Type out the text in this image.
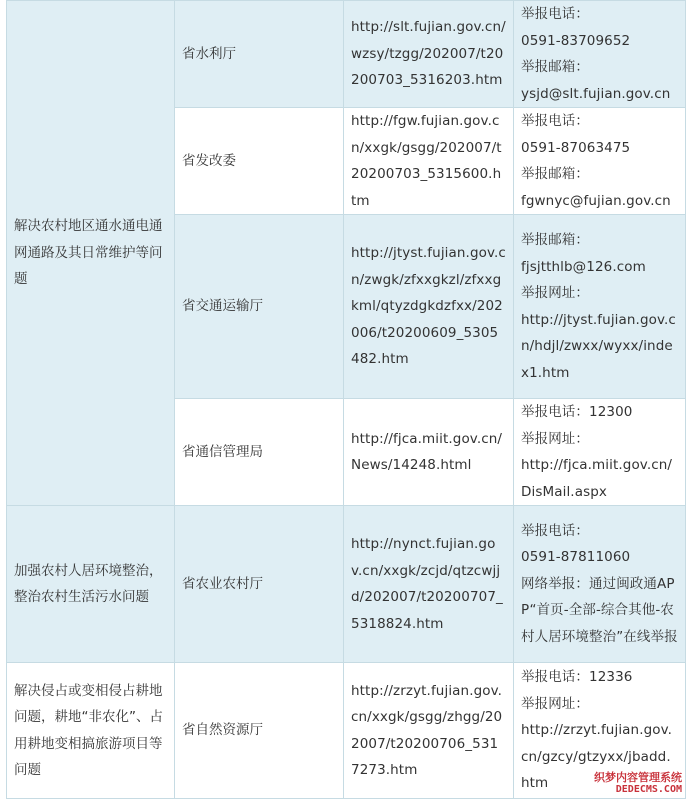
解决农村地区通水通电通网通路及其日常维护等问题	省水利厅	http://slt.fujian.gov.cn/wzsy/tzgg/202007/t20200703_5316203.htm	举报电话：
0591-83709652
举报邮箱：
ysjd@slt.fujian.gov.cn

	省发改委	http://fgw.fujian.gov.cn/xxgk/gsgg/202007/t20200703_5315600.htm	举报电话：
0591-87063475
举报邮箱：
fgwnyc@fujian.gov.cn

	省交通运输厅	http://jtyst.fujian.gov.cn/zwgk/zfxxgkzl/zfxxgkml/qtyzdgkdzfxx/202006/t20200609_5305482.htm	举报邮箱：
fjsjtthlb@126.com
举报网址：
http://jtyst.fujian.gov.cn/hdjl/zwxx/wyxx/index1.htm

	省通信管理局	http://fjca.miit.gov.cn/News/14248.html	举报电话：12300
举报网址：
http://fjca.miit.gov.cn/DisMail.aspx

加强农村人居环境整治，整治农村生活污水问题	省农业农村厅	http://nynct.fujian.gov.cn/xxgk/zcjd/qtzcwjjd/202007/t20200707_5318824.htm	举报电话：
0591-87811060
网络举报：通过闽政通APP“首页-全部-综合其他-农村人居环境整治”在线举报

解决侵占或变相侵占耕地问题，耕地“非农化”、占用耕地变相搞旅游项目等问题	省自然资源厅	http://zrzyt.fujian.gov.cn/xxgk/gsgg/zhgg/202007/t20200706_5317273.htm	举报电话：12336
举报网址：
http://zrzyt.fujian.gov.cn/gzcy/gtzyxx/jbadd.htm	织梦内容管理系统
DEDECMS.COM
